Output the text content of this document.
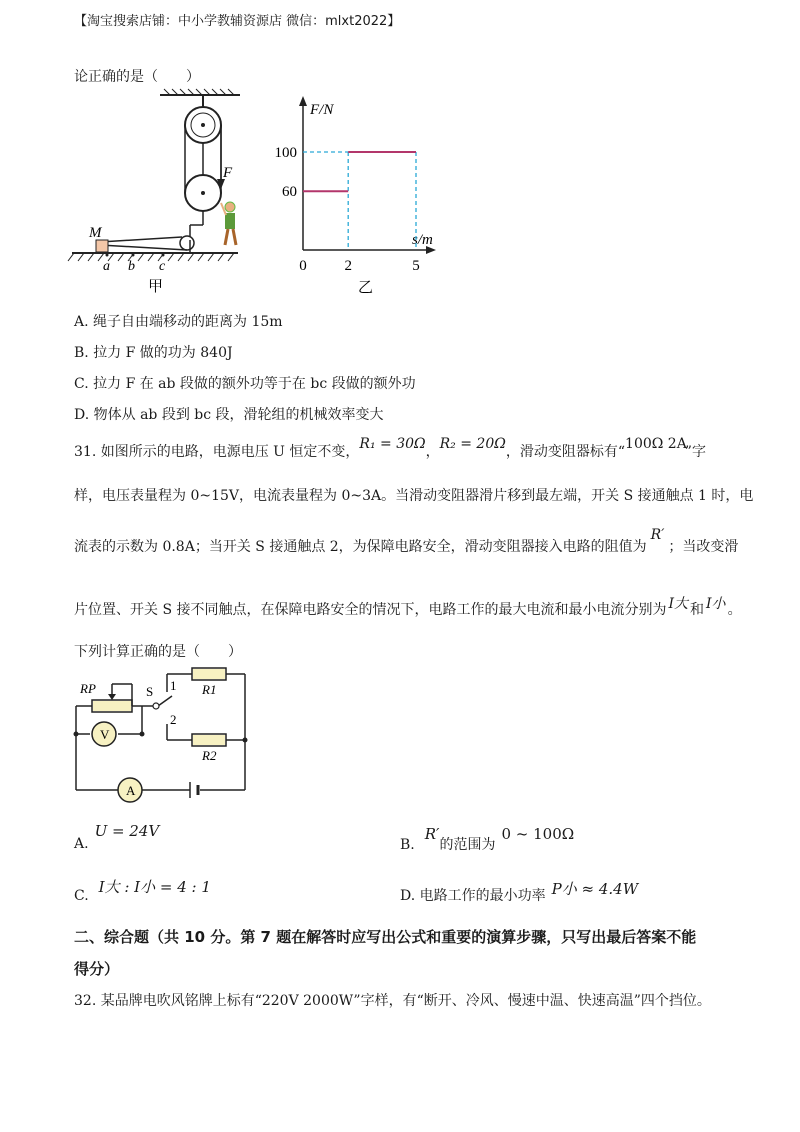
【淘宝搜索店铺：中小学教辅资源店 微信：mlxt2022】
论正确的是（　　）
M
F
a b c
甲
F/N
s/m
100
60
0	2	5
乙
A. 绳子自由端移动的距离为 15m
B. 拉力 F 做的功为 840J
C. 拉力 F 在 ab 段做的额外功等于在 bc 段做的额外功
D. 物体从 ab 段到 bc 段，滑轮组的机械效率变大
31. 如图所示的电路，电源电压 U 恒定不变，R₁ = 30Ω，R₂ = 20Ω，滑动变阻器标有“100Ω 2A”字
样，电压表量程为 0~15V，电流表量程为 0~3A。当滑动变阻器滑片移到最左端，开关 S 接通触点 1 时，电
流表的示数为 0.8A；当开关 S 接通触点 2，为保障电路安全，滑动变阻器接入电路的阻值为R′；当改变滑
片位置、开关 S 接不同触点，在保障电路安全的情况下，电路工作的最大电流和最小电流分别为 I大 和 I小 。
下列计算正确的是（　　）
V
A
RP	S 1
2
R1
R2
A.U = 24V
B.R′的范围为0 ~ 100Ω
C. I大 : I小 = 4 : 1	D. 电路工作的最小功率 P小 ≈ 4.4W
二、综合题（共 10 分。第 7 题在解答时应写出公式和重要的演算步骤，只写出最后答案不能
得分）
32. 某品牌电吹风铭牌上标有“220V 2000W”字样，有“断开、冷风、慢速中温、快速高温”四个挡位。
